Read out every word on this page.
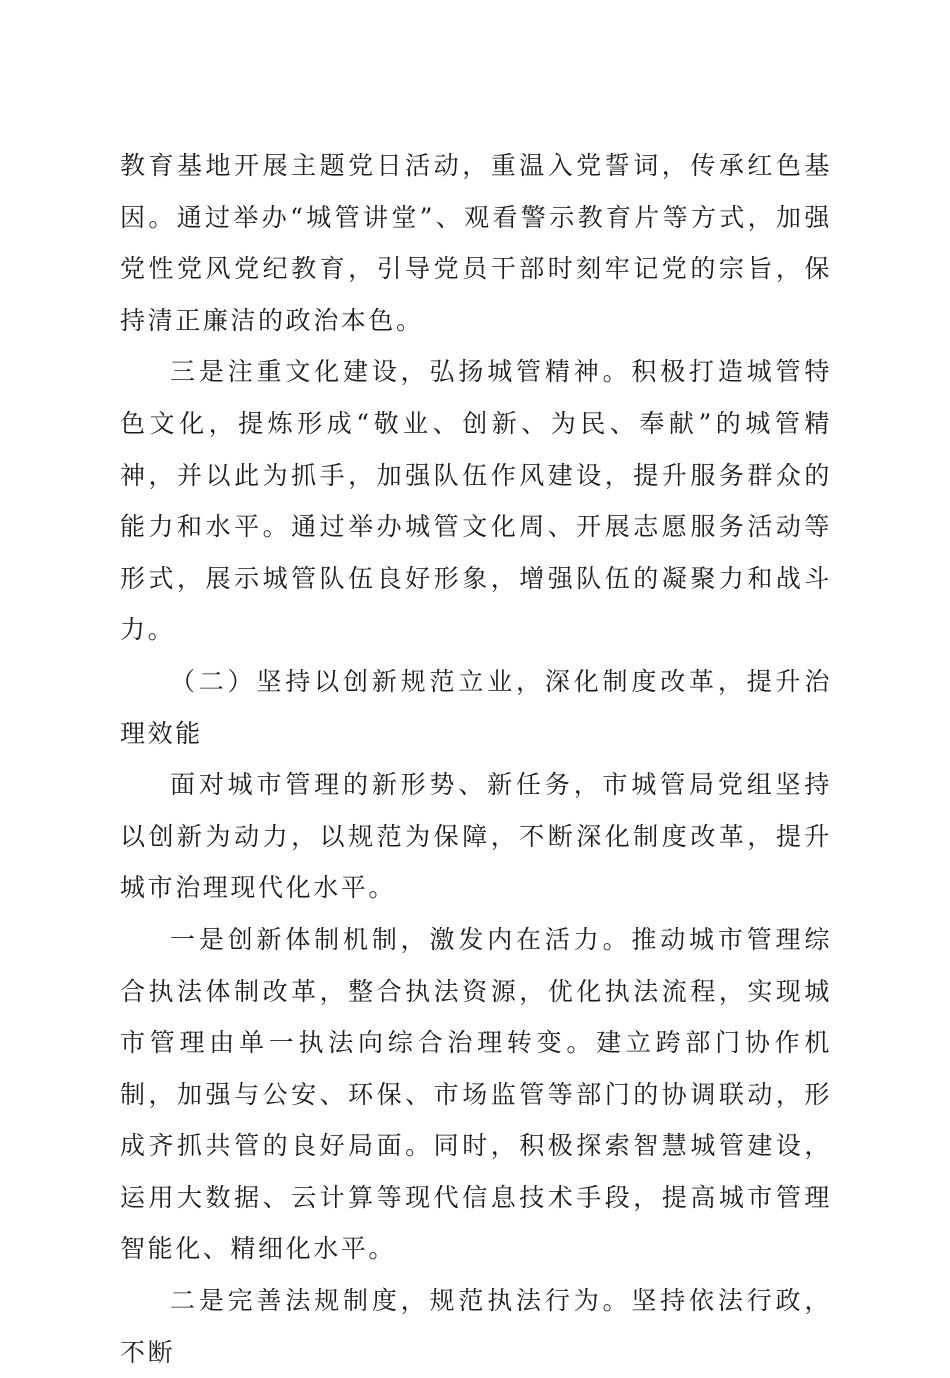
教育基地开展主题党日活动，重温入党誓词，传承红色基因。通过举办“城管讲堂”、观看警示教育片等方式，加强党性党风党纪教育，引导党员干部时刻牢记党的宗旨，保持清正廉洁的政治本色。

三是注重文化建设，弘扬城管精神。积极打造城管特色文化，提炼形成“敬业、创新、为民、奉献”的城管精神，并以此为抓手，加强队伍作风建设，提升服务群众的能力和水平。通过举办城管文化周、开展志愿服务活动等形式，展示城管队伍良好形象，增强队伍的凝聚力和战斗力。

（二）坚持以创新规范立业，深化制度改革，提升治理效能

面对城市管理的新形势、新任务，市城管局党组坚持以创新为动力，以规范为保障，不断深化制度改革，提升城市治理现代化水平。

一是创新体制机制，激发内在活力。推动城市管理综合执法体制改革，整合执法资源，优化执法流程，实现城市管理由单一执法向综合治理转变。建立跨部门协作机制，加强与公安、环保、市场监管等部门的协调联动，形成齐抓共管的良好局面。同时，积极探索智慧城管建设，运用大数据、云计算等现代信息技术手段，提高城市管理智能化、精细化水平。

二是完善法规制度，规范执法行为。坚持依法行政，不断
